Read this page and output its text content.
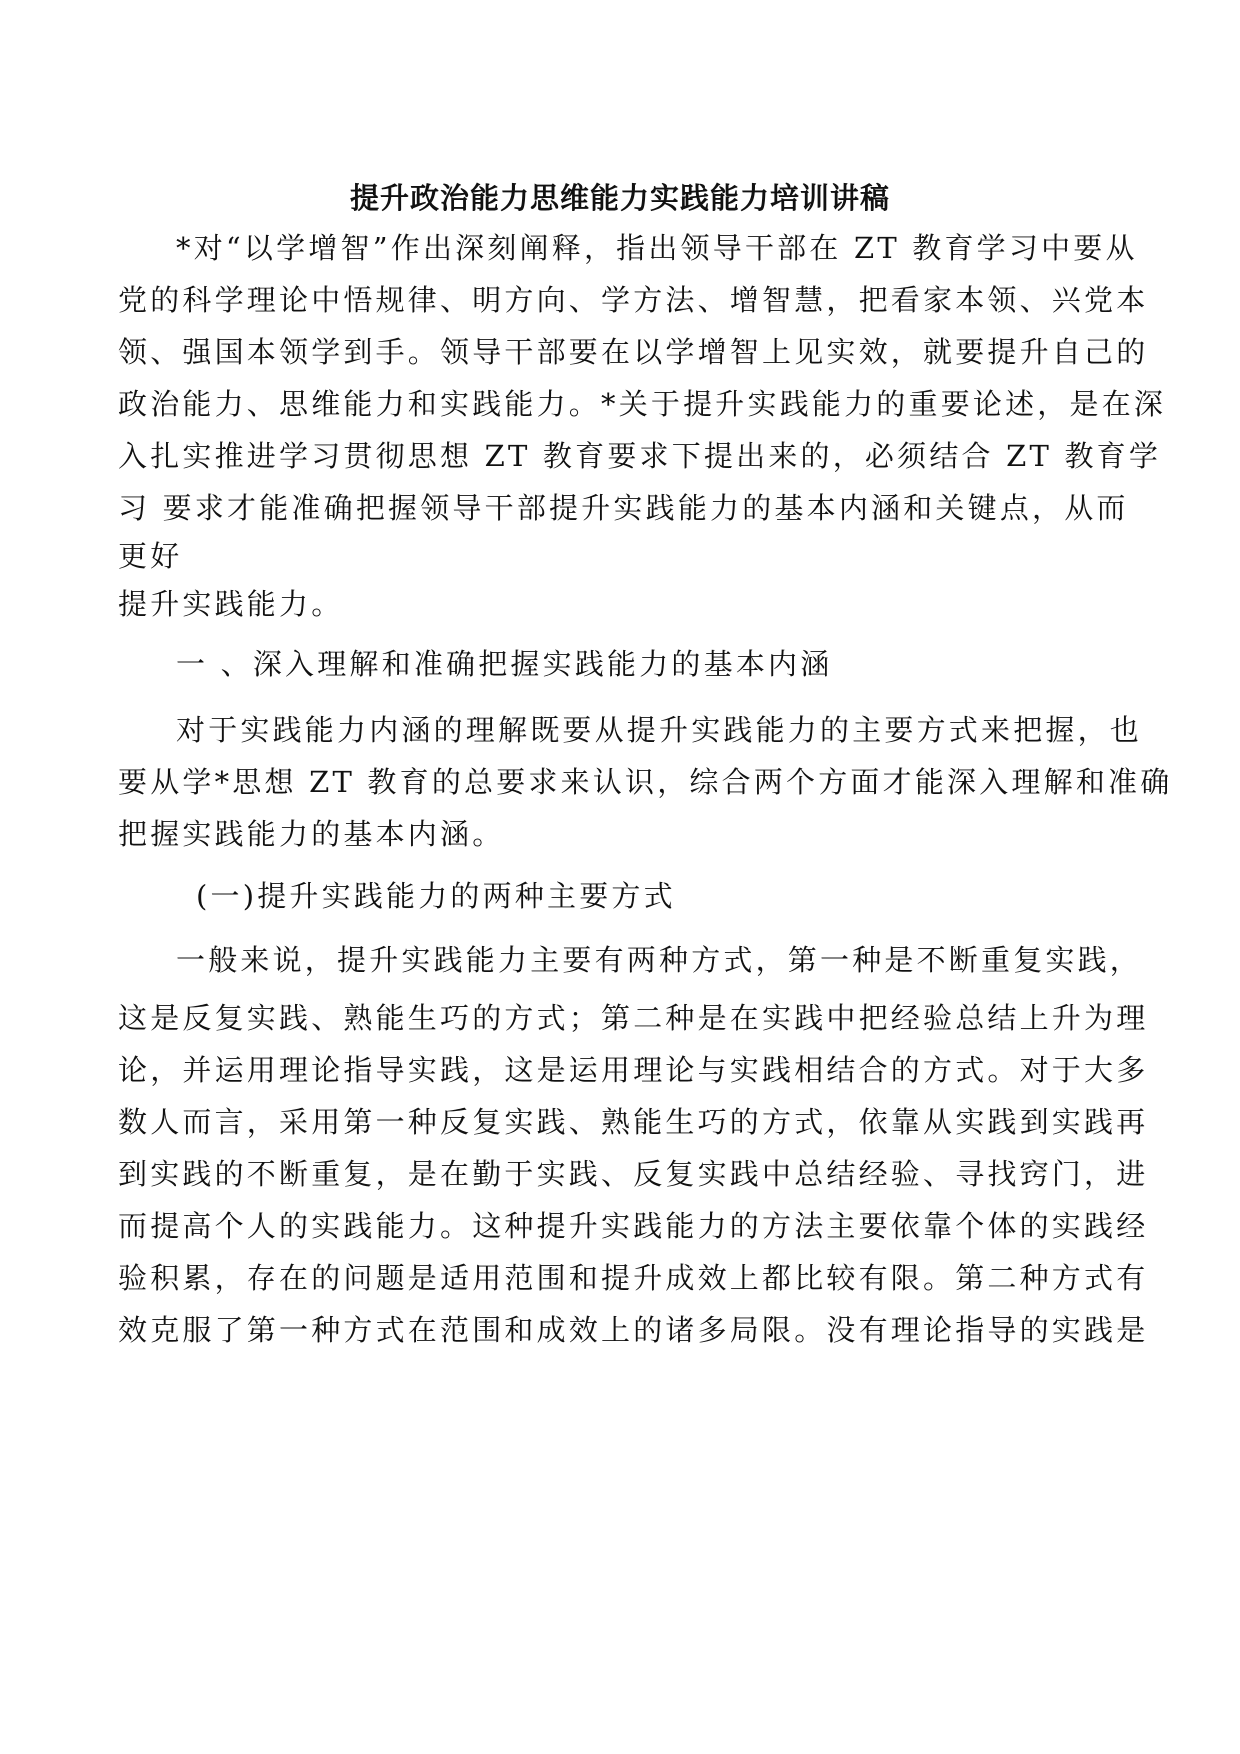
提升政治能力思维能力实践能力培训讲稿
*对“以学增智”作出深刻阐释，指出领导干部在 ZT 教育学习中要从
党的科学理论中悟规律、明方向、学方法、增智慧，把看家本领、兴党本
领、强国本领学到手。领导干部要在以学增智上见实效，就要提升自己的
政治能力、思维能力和实践能力。*关于提升实践能力的重要论述，是在深
入扎实推进学习贯彻思想 ZT 教育要求下提出来的，必须结合 ZT 教育学
习 要求才能准确把握领导干部提升实践能力的基本内涵和关键点，从而
更好
提升实践能力。
一 、深入理解和准确把握实践能力的基本内涵
对于实践能力内涵的理解既要从提升实践能力的主要方式来把握，也
要从学*思想 ZT 教育的总要求来认识，综合两个方面才能深入理解和准确
把握实践能力的基本内涵。
(一)提升实践能力的两种主要方式
一般来说，提升实践能力主要有两种方式，第一种是不断重复实践，
这是反复实践、熟能生巧的方式；第二种是在实践中把经验总结上升为理
论，并运用理论指导实践，这是运用理论与实践相结合的方式。对于大多
数人而言，采用第一种反复实践、熟能生巧的方式，依靠从实践到实践再
到实践的不断重复，是在勤于实践、反复实践中总结经验、寻找窍门，进
而提高个人的实践能力。这种提升实践能力的方法主要依靠个体的实践经
验积累，存在的问题是适用范围和提升成效上都比较有限。第二种方式有
效克服了第一种方式在范围和成效上的诸多局限。没有理论指导的实践是
